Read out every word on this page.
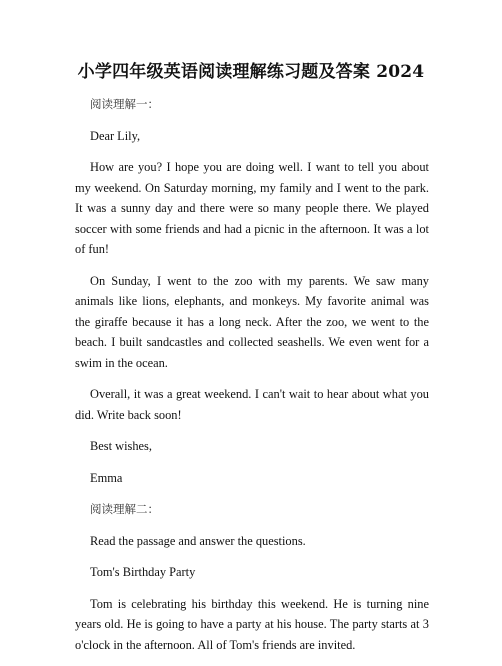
小学四年级英语阅读理解练习题及答案 2024

阅读理解一：

Dear Lily,

How are you? I hope you are doing well. I want to tell you about my weekend. On Saturday morning, my family and I went to the park. It was a sunny day and there were so many people there. We played soccer with some friends and had a picnic in the afternoon. It was a lot of fun!

On Sunday, I went to the zoo with my parents. We saw many animals like lions, elephants, and monkeys. My favorite animal was the giraffe because it has a long neck. After the zoo, we went to the beach. I built sandcastles and collected seashells. We even went for a swim in the ocean.

Overall, it was a great weekend. I can't wait to hear about what you did. Write back soon!

Best wishes,

Emma

阅读理解二：

Read the passage and answer the questions.

Tom's Birthday Party

Tom is celebrating his birthday this weekend. He is turning nine years old. He is going to have a party at his house. The party starts at 3 o'clock in the afternoon. All of Tom's friends are invited.
